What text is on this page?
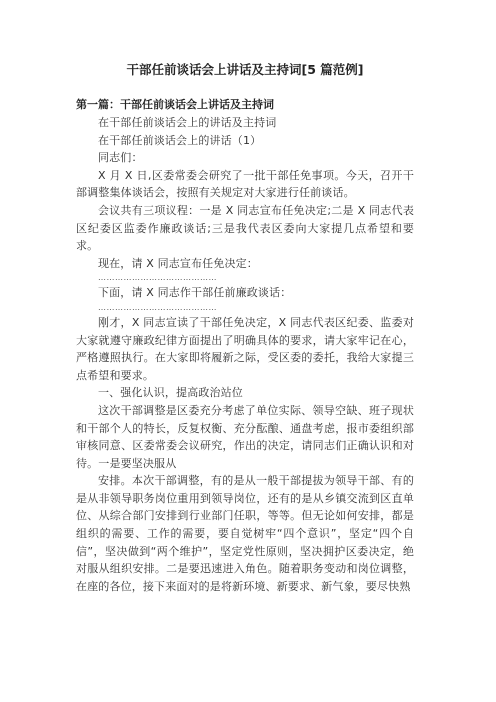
干部任前谈话会上讲话及主持词[5 篇范例]
第一篇：干部任前谈话会上讲话及主持词

在干部任前谈话会上的讲话及主持词

在干部任前谈话会上的讲话（1）

同志们：

X 月 X 日,区委常委会研究了一批干部任免事项。今天，召开干部调整集体谈话会，按照有关规定对大家进行任前谈话。

会议共有三项议程：一是 X 同志宣布任免决定;二是 X 同志代表区纪委区监委作廉政谈话;三是我代表区委向大家提几点希望和要求。

现在，请 X 同志宣布任免决定：

……………………………………

下面，请 X 同志作干部任前廉政谈话：

……………………………………

刚才，X 同志宣读了干部任免决定，X 同志代表区纪委、监委对大家就遵守廉政纪律方面提出了明确具体的要求，请大家牢记在心，严格遵照执行。在大家即将履新之际，受区委的委托，我给大家提三点希望和要求。

一、强化认识，提高政治站位

这次干部调整是区委充分考虑了单位实际、领导空缺、班子现状和干部个人的特长，反复权衡、充分酝酿、通盘考虑，报市委组织部审核同意、区委常委会议研究，作出的决定，请同志们正确认识和对待。一是要坚决服从

安排。本次干部调整，有的是从一般干部提拔为领导干部、有的是从非领导职务岗位重用到领导岗位，还有的是从乡镇交流到区直单位、从综合部门安排到行业部门任职，等等。但无论如何安排，都是组织的需要、工作的需要，要自觉树牢“四个意识”，坚定“四个自信”，坚决做到“两个维护”，坚定党性原则，坚决拥护区委决定，绝对服从组织安排。二是要迅速进入角色。随着职务变动和岗位调整，在座的各位，接下来面对的是将新环境、新要求、新气象，要尽快熟
